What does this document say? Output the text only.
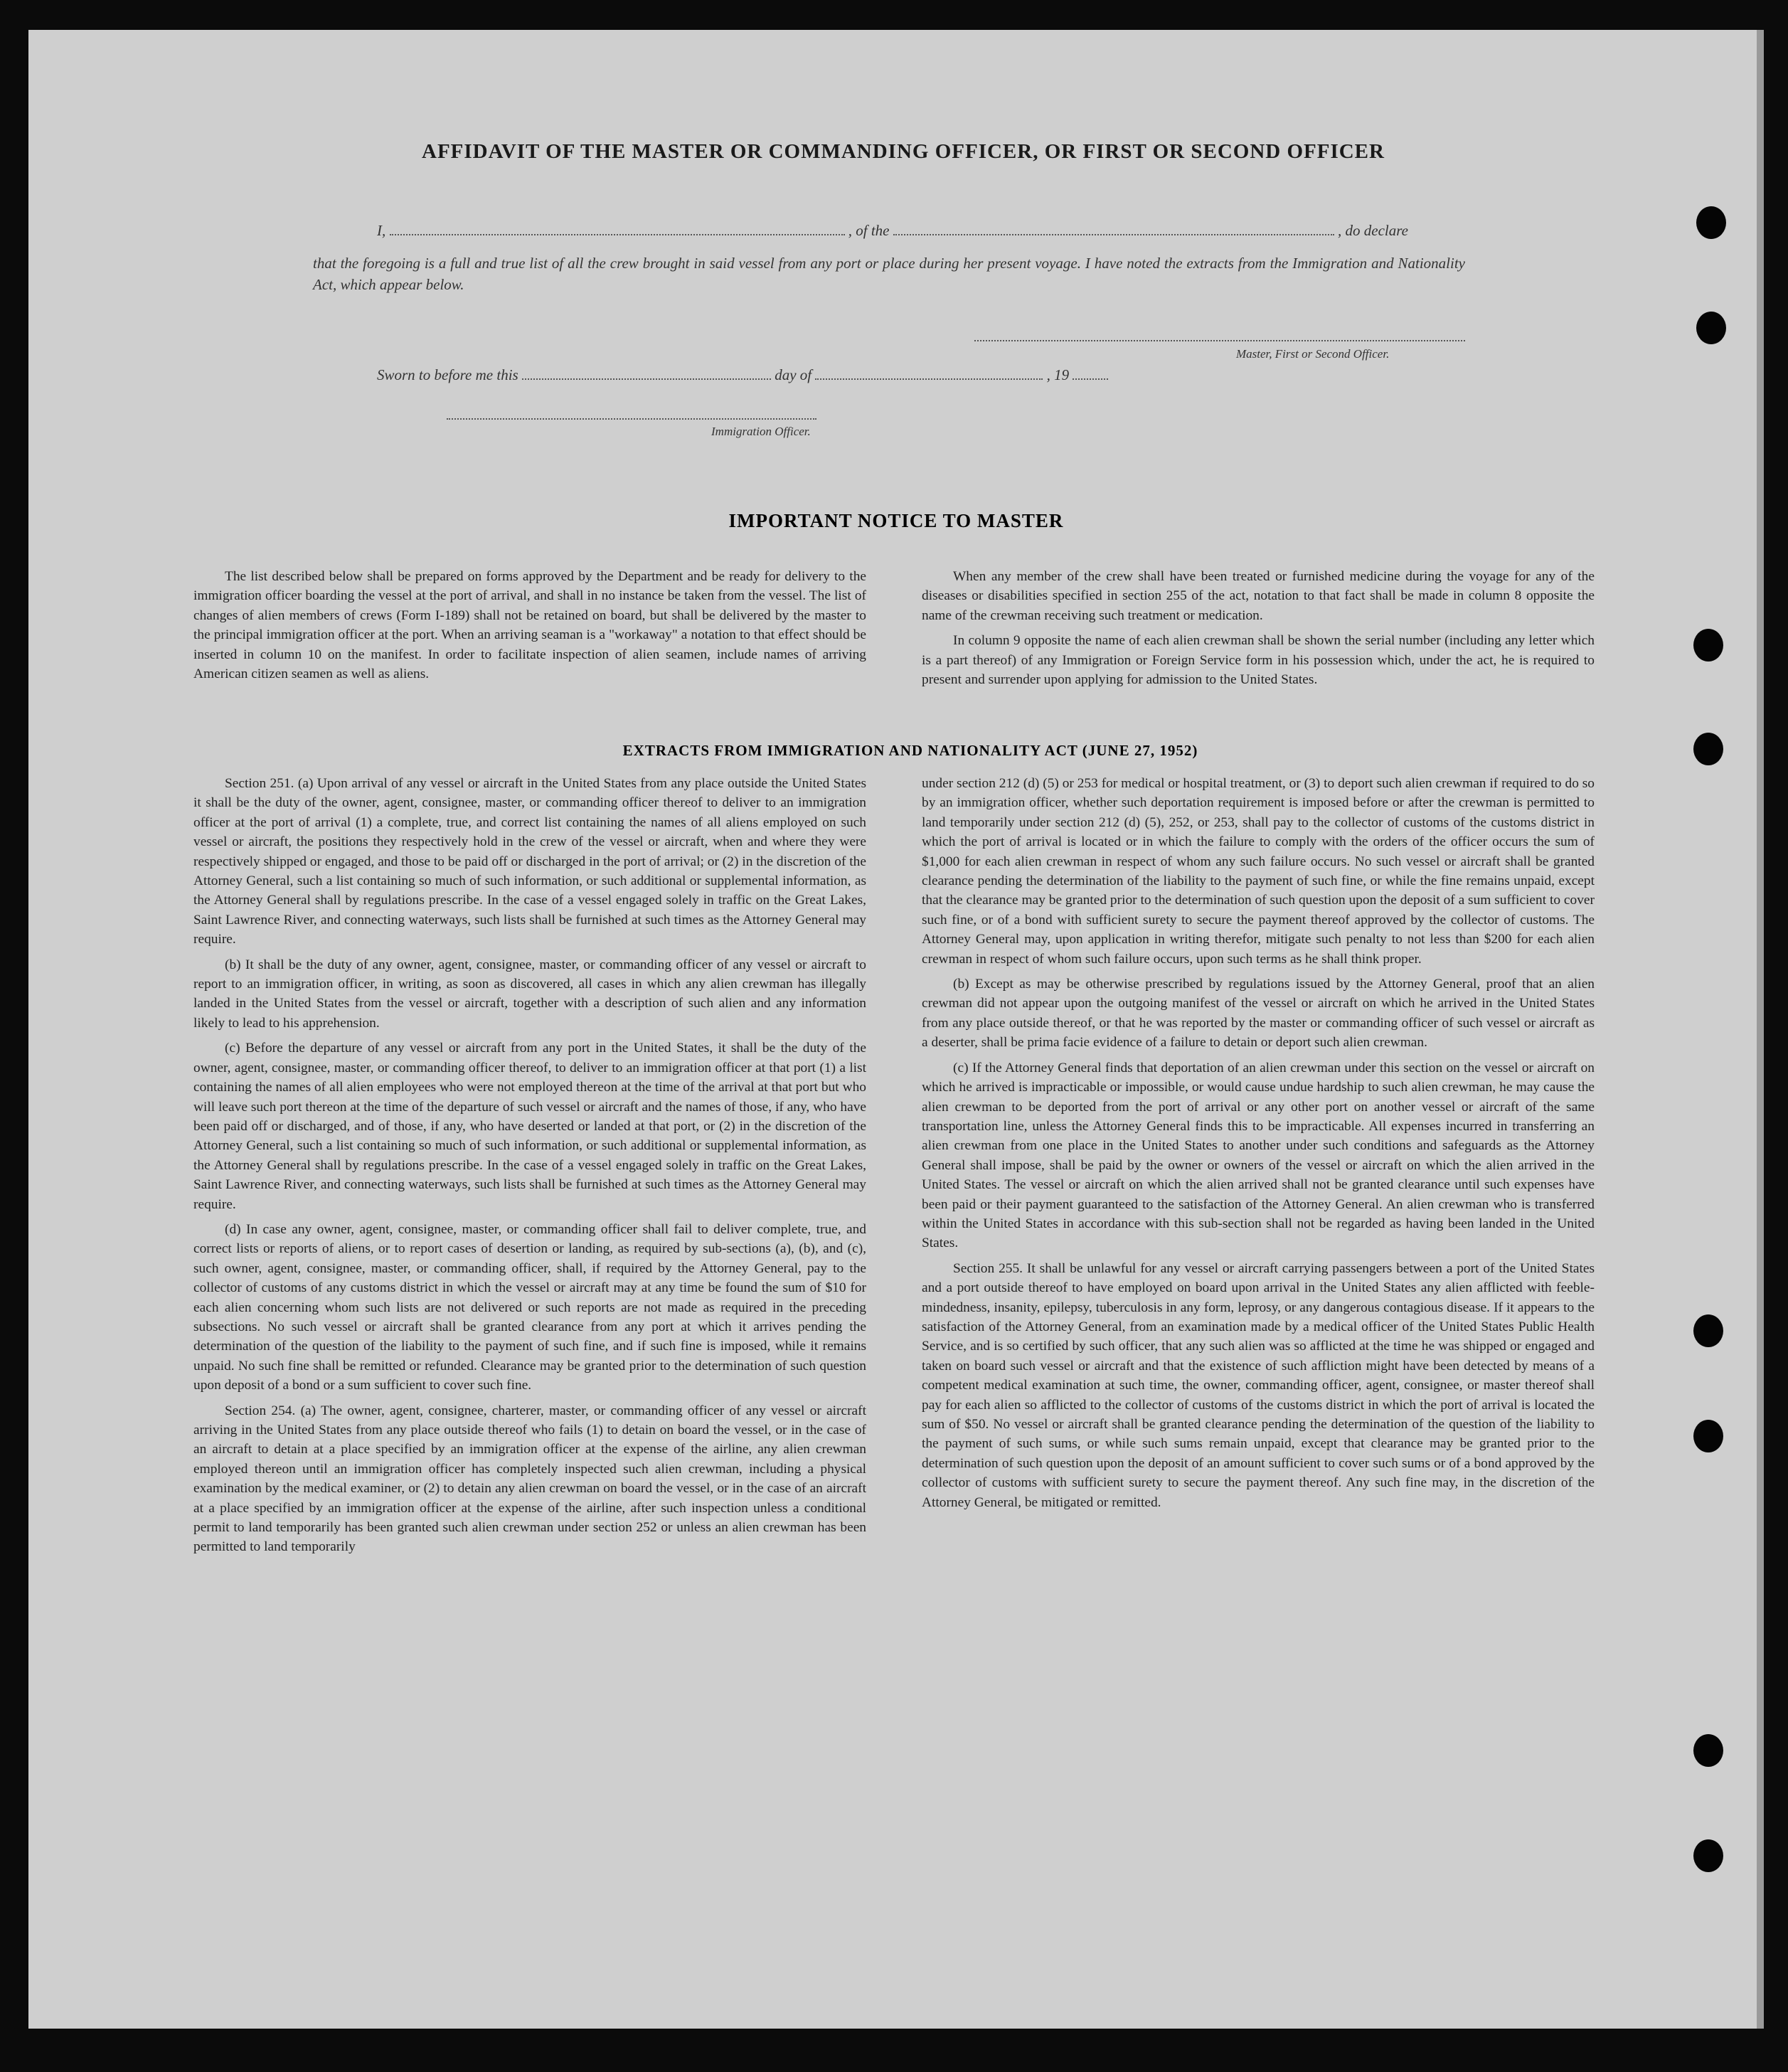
AFFIDAVIT OF THE MASTER OR COMMANDING OFFICER, OR FIRST OR SECOND OFFICER
I,	, of the	, do declare
that the foregoing is a full and true list of all the crew brought in said vessel from any port or place during her present voyage. I have noted the extracts from the Immigration and Nationality Act, which appear below.
Master, First or Second Officer.
Sworn to before me this	day of	, 19
Immigration Officer.
IMPORTANT NOTICE TO MASTER

The list described below shall be prepared on forms approved by the Department and be ready for delivery to the immigration officer boarding the vessel at the port of arrival, and shall in no instance be taken from the vessel. The list of changes of alien members of crews (Form I-189) shall not be retained on board, but shall be delivered by the master to the principal immigration officer at the port. When an arriving seaman is a "workaway" a notation to that effect should be inserted in column 10 on the manifest. In order to facilitate inspection of alien seamen, include names of arriving American citizen seamen as well as aliens.

When any member of the crew shall have been treated or furnished medicine during the voyage for any of the diseases or disabilities specified in section 255 of the act, notation to that fact shall be made in column 8 opposite the name of the crewman receiving such treatment or medication.

In column 9 opposite the name of each alien crewman shall be shown the serial number (including any letter which is a part thereof) of any Immigration or Foreign Service form in his possession which, under the act, he is required to present and surrender upon applying for admission to the United States.

EXTRACTS FROM IMMIGRATION AND NATIONALITY ACT (JUNE 27, 1952)

Section 251. (a) Upon arrival of any vessel or aircraft in the United States from any place outside the United States it shall be the duty of the owner, agent, consignee, master, or commanding officer thereof to deliver to an immigration officer at the port of arrival (1) a complete, true, and correct list containing the names of all aliens employed on such vessel or aircraft, the positions they respectively hold in the crew of the vessel or aircraft, when and where they were respectively shipped or engaged, and those to be paid off or discharged in the port of arrival; or (2) in the discretion of the Attorney General, such a list containing so much of such information, or such additional or supplemental information, as the Attorney General shall by regulations prescribe. In the case of a vessel engaged solely in traffic on the Great Lakes, Saint Lawrence River, and connecting waterways, such lists shall be furnished at such times as the Attorney General may require.

(b) It shall be the duty of any owner, agent, consignee, master, or commanding officer of any vessel or aircraft to report to an immigration officer, in writing, as soon as discovered, all cases in which any alien crewman has illegally landed in the United States from the vessel or aircraft, together with a description of such alien and any information likely to lead to his apprehension.

(c) Before the departure of any vessel or aircraft from any port in the United States, it shall be the duty of the owner, agent, consignee, master, or commanding officer thereof, to deliver to an immigration officer at that port (1) a list containing the names of all alien employees who were not employed thereon at the time of the arrival at that port but who will leave such port thereon at the time of the departure of such vessel or aircraft and the names of those, if any, who have been paid off or discharged, and of those, if any, who have deserted or landed at that port, or (2) in the discretion of the Attorney General, such a list containing so much of such information, or such additional or supplemental information, as the Attorney General shall by regulations prescribe. In the case of a vessel engaged solely in traffic on the Great Lakes, Saint Lawrence River, and connecting waterways, such lists shall be furnished at such times as the Attorney General may require.

(d) In case any owner, agent, consignee, master, or commanding officer shall fail to deliver complete, true, and correct lists or reports of aliens, or to report cases of desertion or landing, as required by sub-sections (a), (b), and (c), such owner, agent, consignee, master, or commanding officer, shall, if required by the Attorney General, pay to the collector of customs of any customs district in which the vessel or aircraft may at any time be found the sum of $10 for each alien concerning whom such lists are not delivered or such reports are not made as required in the preceding subsections. No such vessel or aircraft shall be granted clearance from any port at which it arrives pending the determination of the question of the liability to the payment of such fine, and if such fine is imposed, while it remains unpaid. No such fine shall be remitted or refunded. Clearance may be granted prior to the determination of such question upon deposit of a bond or a sum sufficient to cover such fine.

Section 254. (a) The owner, agent, consignee, charterer, master, or commanding officer of any vessel or aircraft arriving in the United States from any place outside thereof who fails (1) to detain on board the vessel, or in the case of an aircraft to detain at a place specified by an immigration officer at the expense of the airline, any alien crewman employed thereon until an immigration officer has completely inspected such alien crewman, including a physical examination by the medical examiner, or (2) to detain any alien crewman on board the vessel, or in the case of an aircraft at a place specified by an immigration officer at the expense of the airline, after such inspection unless a conditional permit to land temporarily has been granted such alien crewman under section 252 or unless an alien crewman has been permitted to land temporarily

under section 212 (d) (5) or 253 for medical or hospital treatment, or (3) to deport such alien crewman if required to do so by an immigration officer, whether such deportation requirement is imposed before or after the crewman is permitted to land temporarily under section 212 (d) (5), 252, or 253, shall pay to the collector of customs of the customs district in which the port of arrival is located or in which the failure to comply with the orders of the officer occurs the sum of $1,000 for each alien crewman in respect of whom any such failure occurs. No such vessel or aircraft shall be granted clearance pending the determination of the liability to the payment of such fine, or while the fine remains unpaid, except that the clearance may be granted prior to the determination of such question upon the deposit of a sum sufficient to cover such fine, or of a bond with sufficient surety to secure the payment thereof approved by the collector of customs. The Attorney General may, upon application in writing therefor, mitigate such penalty to not less than $200 for each alien crewman in respect of whom such failure occurs, upon such terms as he shall think proper.

(b) Except as may be otherwise prescribed by regulations issued by the Attorney General, proof that an alien crewman did not appear upon the outgoing manifest of the vessel or aircraft on which he arrived in the United States from any place outside thereof, or that he was reported by the master or commanding officer of such vessel or aircraft as a deserter, shall be prima facie evidence of a failure to detain or deport such alien crewman.

(c) If the Attorney General finds that deportation of an alien crewman under this section on the vessel or aircraft on which he arrived is impracticable or impossible, or would cause undue hardship to such alien crewman, he may cause the alien crewman to be deported from the port of arrival or any other port on another vessel or aircraft of the same transportation line, unless the Attorney General finds this to be impracticable. All expenses incurred in transferring an alien crewman from one place in the United States to another under such conditions and safeguards as the Attorney General shall impose, shall be paid by the owner or owners of the vessel or aircraft on which the alien arrived in the United States. The vessel or aircraft on which the alien arrived shall not be granted clearance until such expenses have been paid or their payment guaranteed to the satisfaction of the Attorney General. An alien crewman who is transferred within the United States in accordance with this sub-section shall not be regarded as having been landed in the United States.

Section 255. It shall be unlawful for any vessel or aircraft carrying passengers between a port of the United States and a port outside thereof to have employed on board upon arrival in the United States any alien afflicted with feeble-mindedness, insanity, epilepsy, tuberculosis in any form, leprosy, or any dangerous contagious disease. If it appears to the satisfaction of the Attorney General, from an examination made by a medical officer of the United States Public Health Service, and is so certified by such officer, that any such alien was so afflicted at the time he was shipped or engaged and taken on board such vessel or aircraft and that the existence of such affliction might have been detected by means of a competent medical examination at such time, the owner, commanding officer, agent, consignee, or master thereof shall pay for each alien so afflicted to the collector of customs of the customs district in which the port of arrival is located the sum of $50. No vessel or aircraft shall be granted clearance pending the determination of the question of the liability to the payment of such sums, or while such sums remain unpaid, except that clearance may be granted prior to the determination of such question upon the deposit of an amount sufficient to cover such sums or of a bond approved by the collector of customs with sufficient surety to secure the payment thereof. Any such fine may, in the discretion of the Attorney General, be mitigated or remitted.
